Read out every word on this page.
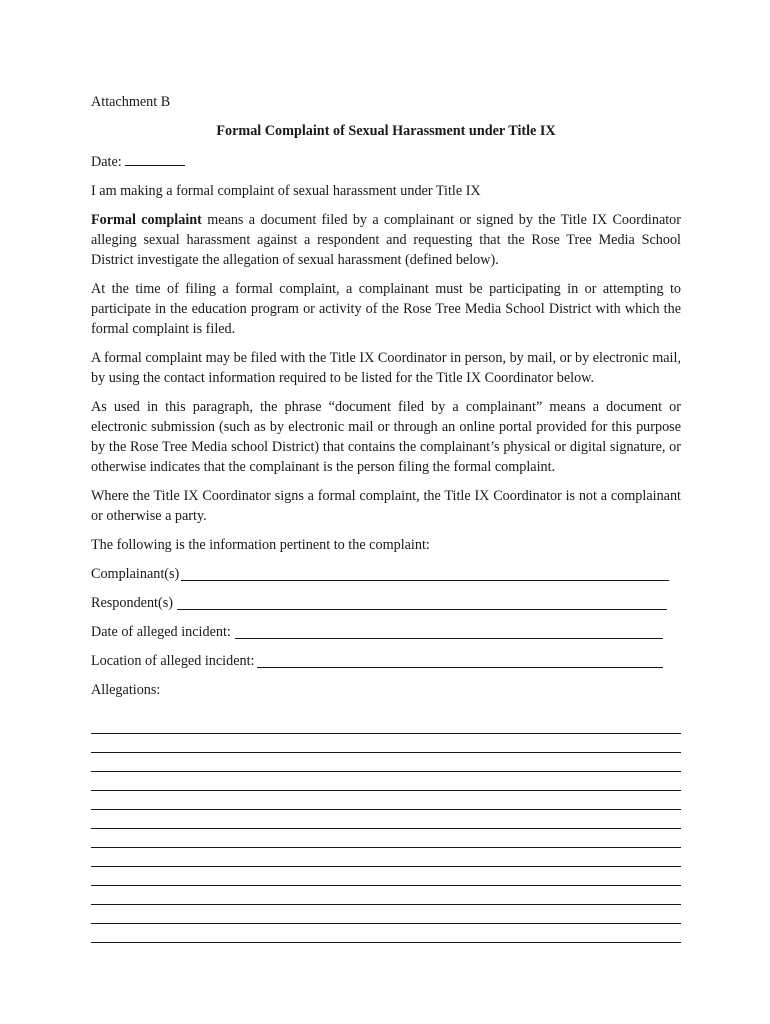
Attachment B

Formal Complaint of Sexual Harassment under Title IX

Date:

I am making a formal complaint of sexual harassment under Title IX

Formal complaint means a document filed by a complainant or signed by the Title IX Coordinator alleging sexual harassment against a respondent and requesting that the Rose Tree Media School District investigate the allegation of sexual harassment (defined below).

At the time of filing a formal complaint, a complainant must be participating in or attempting to participate in the education program or activity of the Rose Tree Media School District with which the formal complaint is filed.

A formal complaint may be filed with the Title IX Coordinator in person, by mail, or by electronic mail, by using the contact information required to be listed for the Title IX Coordinator below.

As used in this paragraph, the phrase “document filed by a complainant” means a document or electronic submission (such as by electronic mail or through an online portal provided for this purpose by the Rose Tree Media school District) that contains the complainant’s physical or digital signature, or otherwise indicates that the complainant is the person filing the formal complaint.

Where the Title IX Coordinator signs a formal complaint, the Title IX Coordinator is not a complainant or otherwise a party.

The following is the information pertinent to the complaint:

Complainant(s)
Respondent(s)
Date of alleged incident:
Location of alleged incident:

Allegations:
